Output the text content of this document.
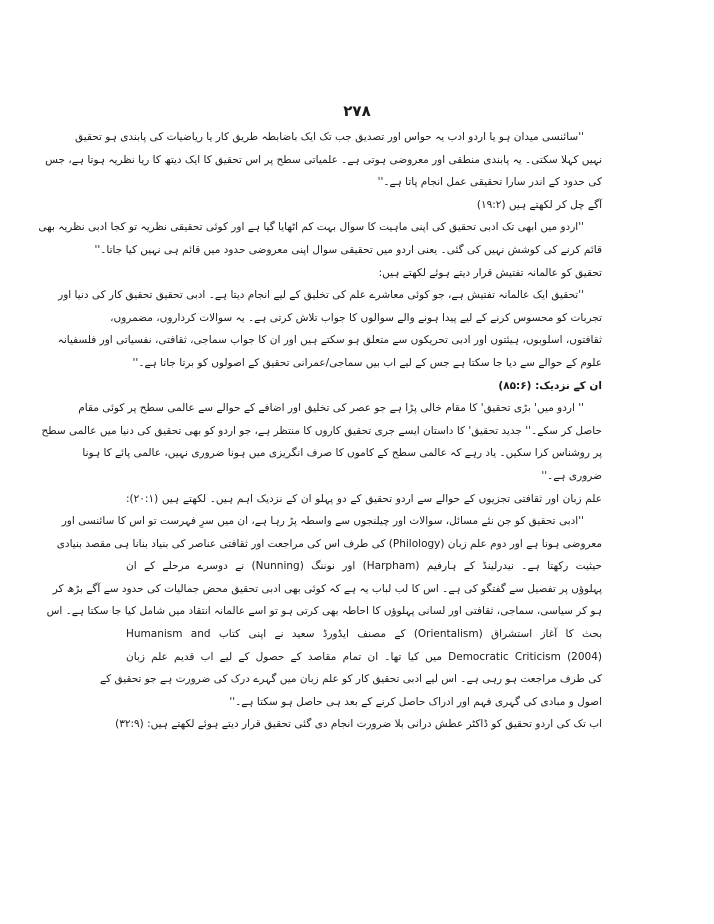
۲۷۸
''سائنسی میدان ہو یا اردو ادب یہ حواس اور تصدیق جب تک ایک باضابطہ طریق کار یا ریاضیات کی پابندی ہو تحقیق
نہیں کہلا سکتی۔ یہ پابندی منطقی اور معروضی ہوتی ہے۔ علمیاتی سطح پر اس تحقیق کا ایک دیتھ کا ریا نظریہ ہوتا ہے، جس
کی حدود کے اندر سارا تحقیقی عمل انجام پاتا ہے۔''
آگے چل کر لکھتے ہیں (۱۹:۲)
''اردو میں ابھی تک ادبی تحقیق کی اپنی ماہیت کا سوال بہت کم اٹھایا گیا ہے اور کوئی تحقیقی نظریہ تو کجا ادبی نظریہ بھی
قائم کرنے کی کوشش نہیں کی گئی۔ یعنی اردو میں تحقیقی سوال اپنی معروضی حدود میں قائم ہی نہیں کیا جاتا۔''
تحقیق کو عالمانہ تفتیش قرار دیتے ہوئے لکھتے ہیں:
''تحقیق ایک عالمانہ تفتیش ہے، جو کوئی معاشرے علم کی تخلیق کے لیے انجام دیتا ہے۔ ادبی تحقیق تحقیق کار کی دنیا اور
تجربات کو محسوس کرنے کے لیے پیدا ہونے والے سوالوں کا جواب تلاش کرتی ہے۔ یہ سوالات کرداروں، مضمروں،
ثقافتوں، اسلوبوں، ہیئتوں اور ادبی تحریکوں سے متعلق ہو سکتے ہیں اور ان کا جواب سماجی، ثقافتی، نفسیاتی اور فلسفیانہ
علوم کے حوالے سے دیا جا سکتا ہے جس کے لیے اب بیں سماجی/عمرانی تحقیق کے اصولوں کو برتا جاتا ہے۔''
ان کے نزدیک: (۸۵:۶)
'' اردو میں' بڑی تحقیق' کا مقام خالی پڑا ہے جو عصر کی تخلیق اور اضافے کے حوالے سے عالمی سطح پر کوئی مقام
حاصل کر سکے۔'' جدید تحقیق' کا داستان ایسے جری تحقیق کاروں کا منتظر ہے، جو اردو کو بھی تحقیق کی دنیا میں عالمی سطح
پر روشناس کرا سکیں۔ یاد رہے کہ عالمی سطح کے کاموں کا صرف انگریزی میں ہونا ضروری نہیں، عالمی پائے کا ہونا
ضروری ہے۔''
علم زبان اور ثقافتی تجزیوں کے حوالے سے اردو تحقیق کے دو پہلو ان کے نزدیک اہم ہیں۔ لکھتے ہیں (۲۰:۱):
''ادبی تحقیق کو جن نئے مسائل، سوالات اور چیلنجوں سے واسطہ پڑ رہا ہے، ان میں سرِ فہرست تو اس کا سائنسی اور
معروضی ہونا ہے اور دوم علم زبان (Philology) کی طرف اس کی مراجعت اور ثقافتی عناصر کی بنیاد بنانا ہی مقصد بنیادی
حیثیت رکھتا ہے۔ نیدرلینڈ کے ہارفیم (Harpham) اور نوننگ (Nunning) نے دوسرے مرحلے کے ان
پہلوؤں پر تفصیل سے گفتگو کی ہے۔ اس کا لب لباب یہ ہے کہ کوئی بھی ادبی تحقیق محض جمالیات کی حدود سے آگے بڑھ کر
ہو کر سیاسی، سماجی، ثقافتی اور لسانی پہلوؤں کا احاطہ بھی کرتی ہو تو اسے عالمانہ انتقاد میں شامل کیا جا سکتا ہے۔ اس
بحث کا آغاز استشراق (Orientalism) کے مصنف ایڈورڈ سعید نے اپنی کتاب Humanism and
(2004) Democratic Criticism میں کیا تھا۔ ان تمام مقاصد کے حصول کے لیے اب قدیم علم زبان
کی طرف مراجعت ہو رہی ہے۔ اس لیے ادبی تحقیق کار کو علم زبان میں گہرے درک کی ضرورت ہے جو تحقیق کے
اصول و مبادی کی گہری فہم اور ادراک حاصل کرنے کے بعد ہی حاصل ہو سکتا ہے۔''
اب تک کی اردو تحقیق کو ڈاکٹر عطش درانی بلا ضرورت انجام دی گئی تحقیق قرار دیتے ہوئے لکھتے ہیں: (۳۲:۹)
